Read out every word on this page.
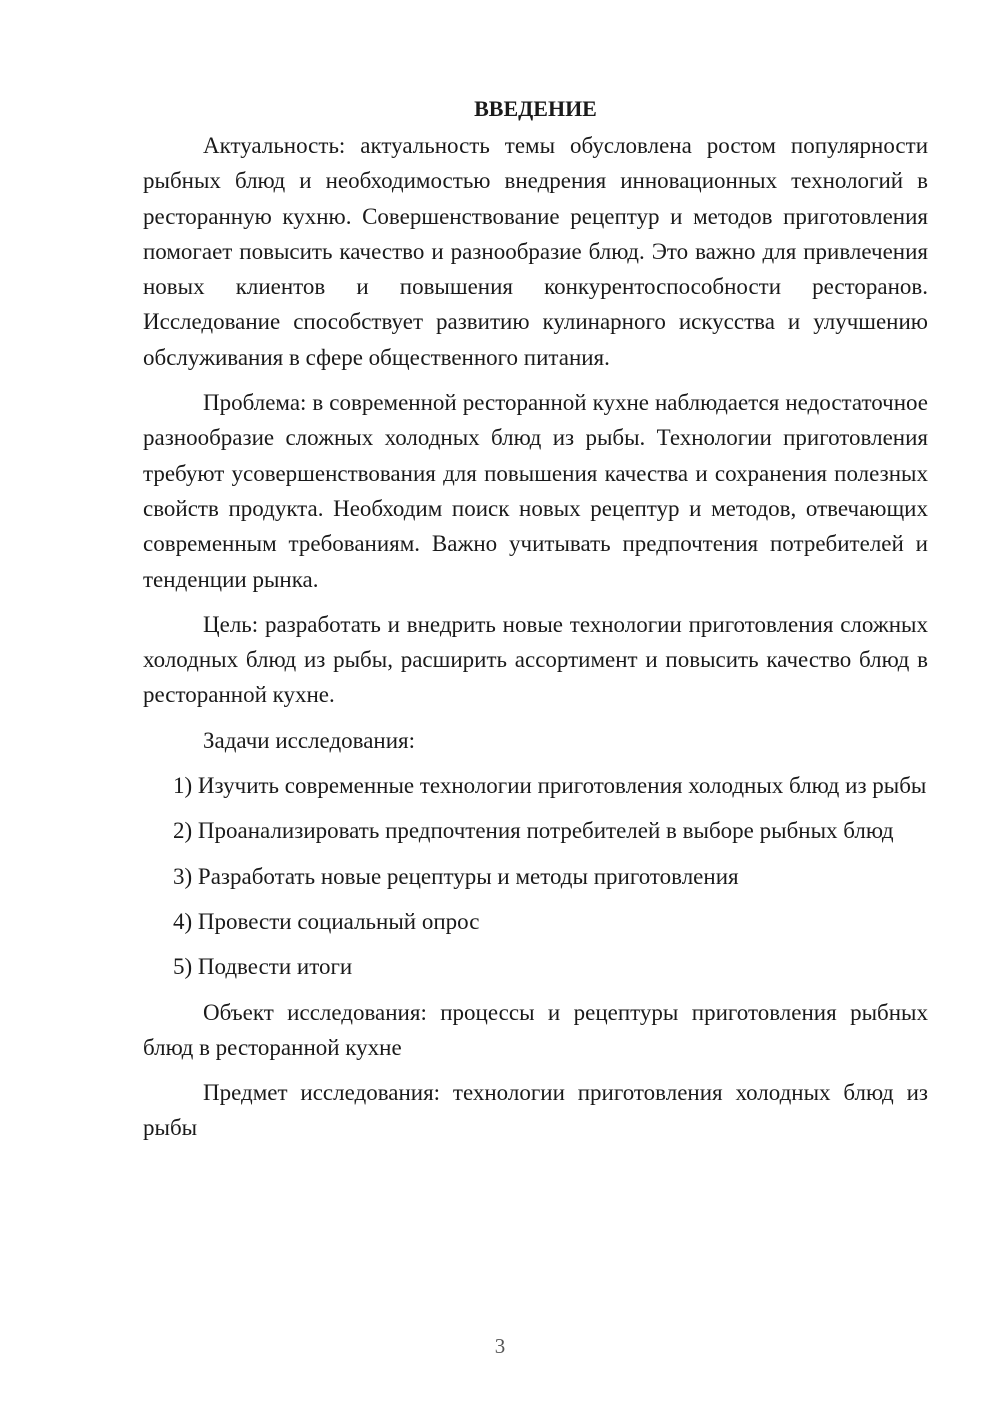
ВВЕДЕНИЕ

Актуальность: актуальность темы обусловлена ростом популярности рыбных блюд и необходимостью внедрения инновационных технологий в ресторанную кухню. Совершенствование рецептур и методов приготовления помогает повысить качество и разнообразие блюд. Это важно для привлечения новых клиентов и повышения конкурентоспособности ресторанов. Исследование способствует развитию кулинарного искусства и улучшению обслуживания в сфере общественного питания.

Проблема: в современной ресторанной кухне наблюдается недостаточное разнообразие сложных холодных блюд из рыбы. Технологии приготовления требуют усовершенствования для повышения качества и сохранения полезных свойств продукта. Необходим поиск новых рецептур и методов, отвечающих современным требованиям. Важно учитывать предпочтения потребителей и тенденции рынка.

Цель: разработать и внедрить новые технологии приготовления сложных холодных блюд из рыбы, расширить ассортимент и повысить качество блюд в ресторанной кухне.

Задачи исследования:

1) Изучить современные технологии приготовления холодных блюд из рыбы

2) Проанализировать предпочтения потребителей в выборе рыбных блюд

3) Разработать новые рецептуры и методы приготовления

4) Провести социальный опрос

5) Подвести итоги

Объект исследования: процессы и рецептуры приготовления рыбных блюд в ресторанной кухне

Предмет исследования: технологии приготовления холодных блюд из рыбы

3
